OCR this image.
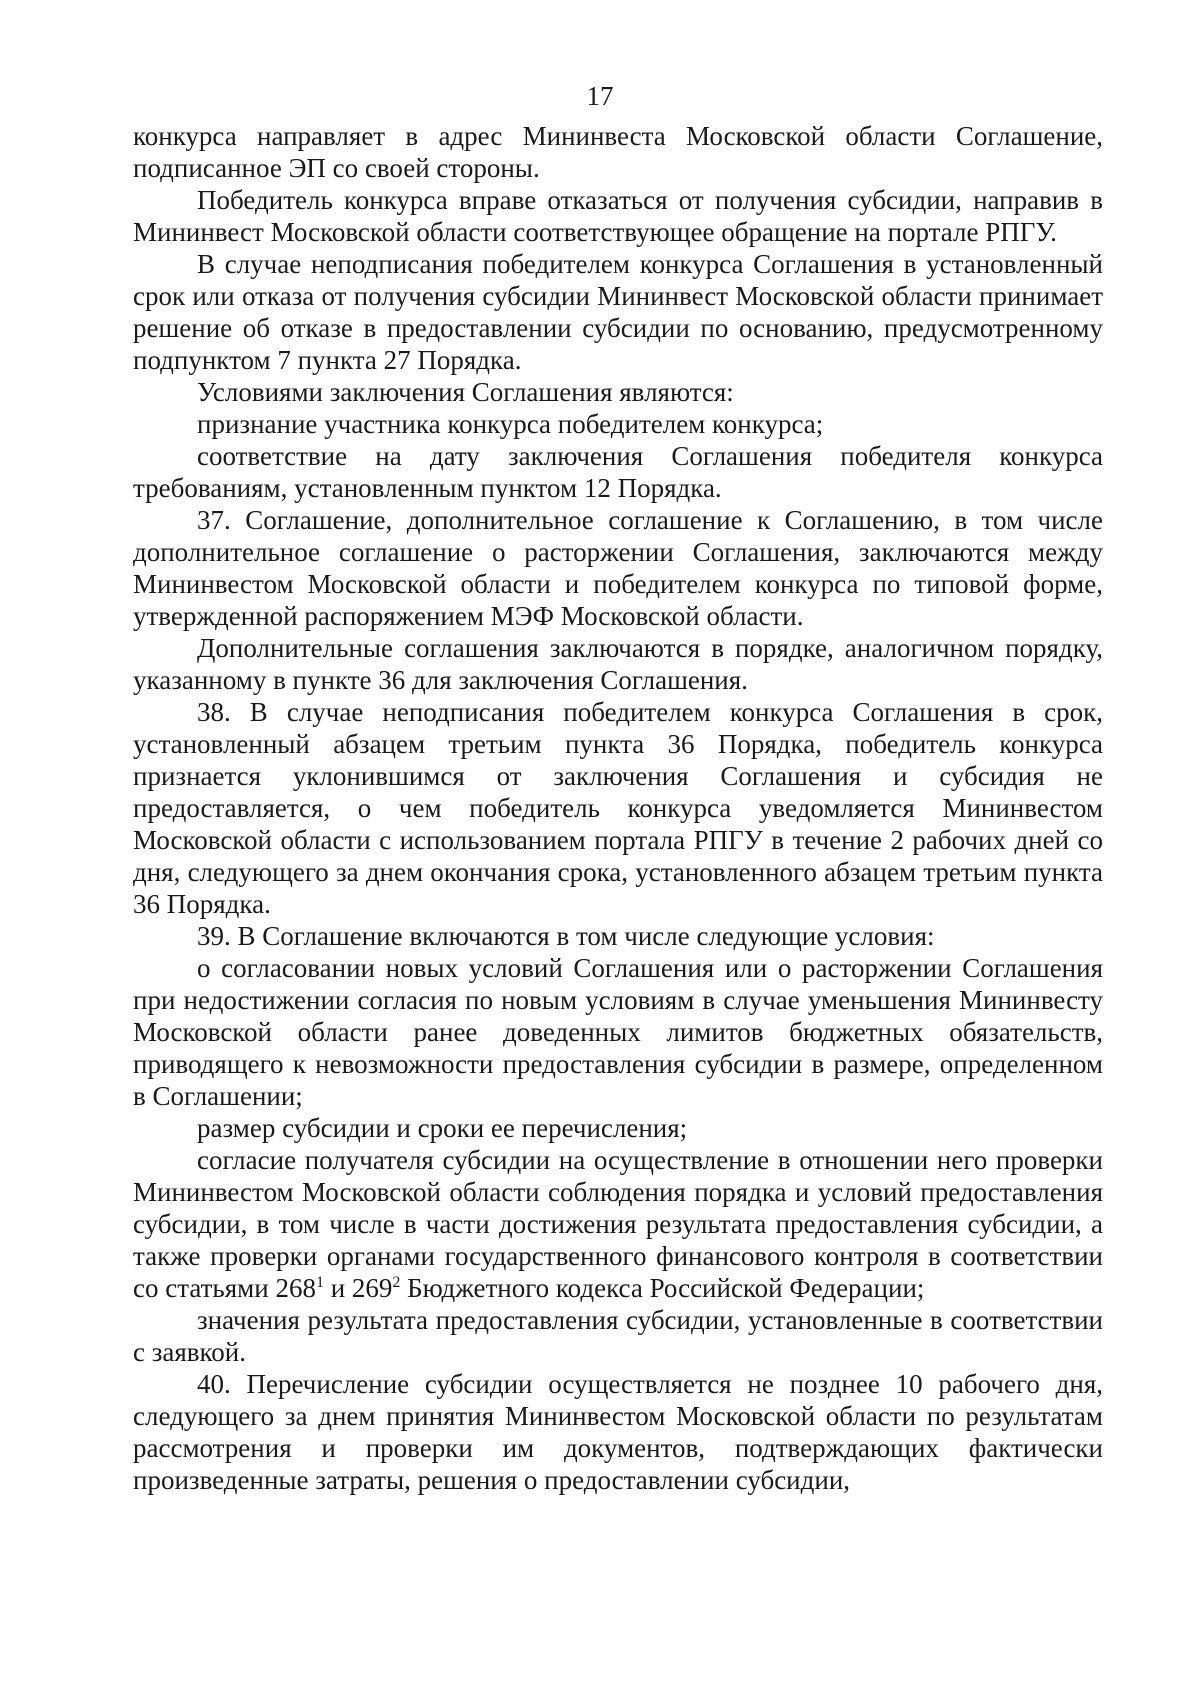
17

конкурса направляет в адрес Мининвеста Московской области Соглашение, подписанное ЭП со своей стороны.

Победитель конкурса вправе отказаться от получения субсидии, направив в Мининвест Московской области соответствующее обращение на портале РПГУ.

В случае неподписания победителем конкурса Соглашения в установленный срок или отказа от получения субсидии Мининвест Московской области принимает решение об отказе в предоставлении субсидии по основанию, предусмотренному подпунктом 7 пункта 27 Порядка.

Условиями заключения Соглашения являются:

признание участника конкурса победителем конкурса;

соответствие на дату заключения Соглашения победителя конкурса требованиям, установленным пунктом 12 Порядка.

37. Соглашение, дополнительное соглашение к Соглашению, в том числе дополнительное соглашение о расторжении Соглашения, заключаются между Мининвестом Московской области и победителем конкурса по типовой форме, утвержденной распоряжением МЭФ Московской области.

Дополнительные соглашения заключаются в порядке, аналогичном порядку, указанному в пункте 36 для заключения Соглашения.

38. В случае неподписания победителем конкурса Соглашения в срок, установленный абзацем третьим пункта 36 Порядка, победитель конкурса признается уклонившимся от заключения Соглашения и субсидия не предоставляется, о чем победитель конкурса уведомляется Мининвестом Московской области с использованием портала РПГУ в течение 2 рабочих дней со дня, следующего за днем окончания срока, установленного абзацем третьим пункта 36 Порядка.

39. В Соглашение включаются в том числе следующие условия:

о согласовании новых условий Соглашения или о расторжении Соглашения при недостижении согласия по новым условиям в случае уменьшения Мининвесту Московской области ранее доведенных лимитов бюджетных обязательств, приводящего к невозможности предоставления субсидии в размере, определенном в Соглашении;

размер субсидии и сроки ее перечисления;

согласие получателя субсидии на осуществление в отношении него проверки Мининвестом Московской области соблюдения порядка и условий предоставления субсидии, в том числе в части достижения результата предоставления субсидии, а также проверки органами государственного финансового контроля в соответствии со статьями $268^1$ и $269^2$ Бюджетного кодекса Российской Федерации;

значения результата предоставления субсидии, установленные в соответствии с заявкой.

40. Перечисление субсидии осуществляется не позднее 10 рабочего дня, следующего за днем принятия Мининвестом Московской области по результатам рассмотрения и проверки им документов, подтверждающих фактически произведенные затраты, решения о предоставлении субсидии,
